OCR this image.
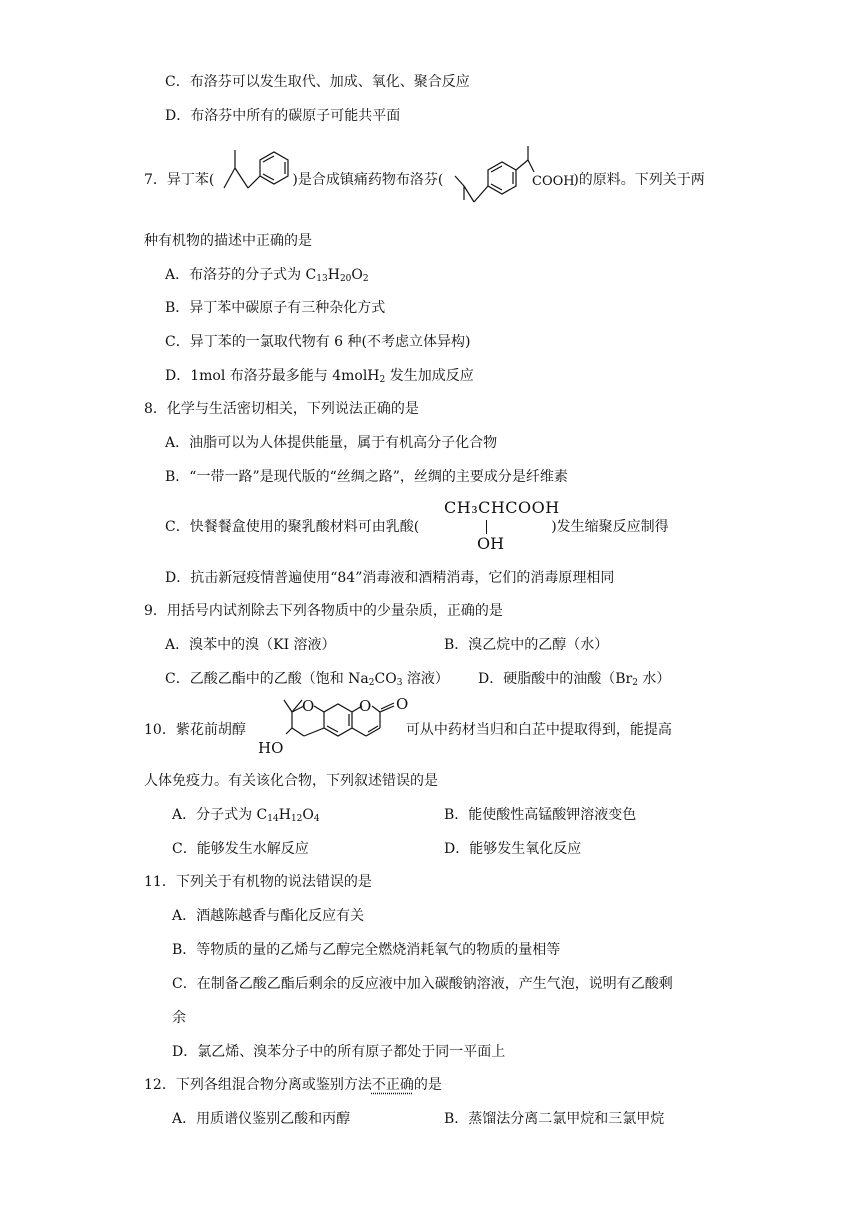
C．布洛芬可以发生取代、加成、氧化、聚合反应
D．布洛芬中所有的碳原子可能共平面
7．异丁苯(	)是合成镇痛药物布洛芬(	)的原料。下列关于两
COOH
种有机物的描述中正确的是
A．布洛芬的分子式为 $C_{13}H_{20}O_2$
B．异丁苯中碳原子有三种杂化方式
C．异丁苯的一氯取代物有 6 种(不考虑立体异构)
D．1mol 布洛芬最多能与 4molH$_2$ 发生加成反应
8．化学与生活密切相关，下列说法正确的是
A．油脂可以为人体提供能量，属于有机高分子化合物
B．“一带一路”是现代版的“丝绸之路”，丝绸的主要成分是纤维素
C．快餐餐盒使用的聚乳酸材料可由乳酸(	)发生缩聚反应制得
CH₃CHCOOH
OH
D．抗击新冠疫情普遍使用“84”消毒液和酒精消毒，它们的消毒原理相同
9．用括号内试剂除去下列各物质中的少量杂质，正确的是
A．溴苯中的溴（KI 溶液）	B．溴乙烷中的乙醇（水）
C．乙酸乙酯中的乙酸（饱和 $Na_2CO_3$ 溶液） D．硬脂酸中的油酸（$Br_2$ 水）
10．紫花前胡醇	可从中药材当归和白芷中提取得到，能提高
O	O O
HO
人体免疫力。有关该化合物，下列叙述错误的是
A．分子式为 $C_{14}H_{12}O_4$	B．能使酸性高锰酸钾溶液变色
C．能够发生水解反应	D．能够发生氧化反应
11．下列关于有机物的说法错误的是
A．酒越陈越香与酯化反应有关
B．等物质的量的乙烯与乙醇完全燃烧消耗氧气的物质的量相等
C．在制备乙酸乙酯后剩余的反应液中加入碳酸钠溶液，产生气泡，说明有乙酸剩
余
D．氯乙烯、溴苯分子中的所有原子都处于同一平面上
12．下列各组混合物分离或鉴别方法不正确的是
A．用质谱仪鉴别乙酸和丙醇	B．蒸馏法分离二氯甲烷和三氯甲烷
